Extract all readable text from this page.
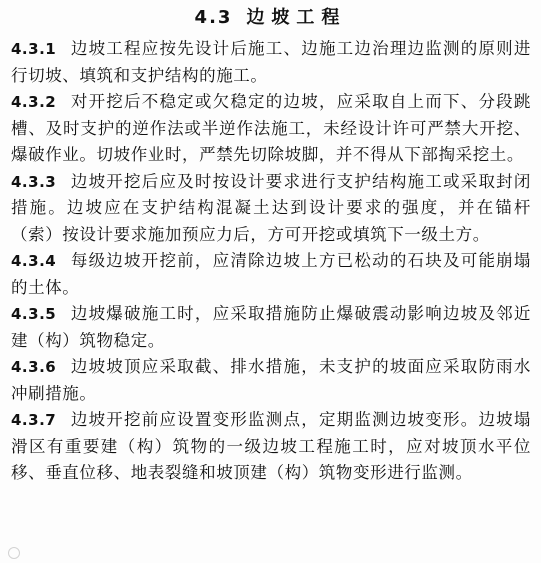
4.3 边坡工程

4.3.1 边坡工程应按先设计后施工、边施工边治理边监测的原则进行切坡、填筑和支护结构的施工。

4.3.2 对开挖后不稳定或欠稳定的边坡，应采取自上而下、分段跳槽、及时支护的逆作法或半逆作法施工，未经设计许可严禁大开挖、爆破作业。切坡作业时，严禁先切除坡脚，并不得从下部掏采挖土。

4.3.3 边坡开挖后应及时按设计要求进行支护结构施工或采取封闭措施。边坡应在支护结构混凝土达到设计要求的强度，并在锚杆（索）按设计要求施加预应力后，方可开挖或填筑下一级土方。

4.3.4 每级边坡开挖前，应清除边坡上方已松动的石块及可能崩塌的土体。

4.3.5 边坡爆破施工时，应采取措施防止爆破震动影响边坡及邻近建（构）筑物稳定。

4.3.6 边坡坡顶应采取截、排水措施，未支护的坡面应采取防雨水冲刷措施。

4.3.7 边坡开挖前应设置变形监测点，定期监测边坡变形。边坡塌滑区有重要建（构）筑物的一级边坡工程施工时，应对坡顶水平位移、垂直位移、地表裂缝和坡顶建（构）筑物变形进行监测。
